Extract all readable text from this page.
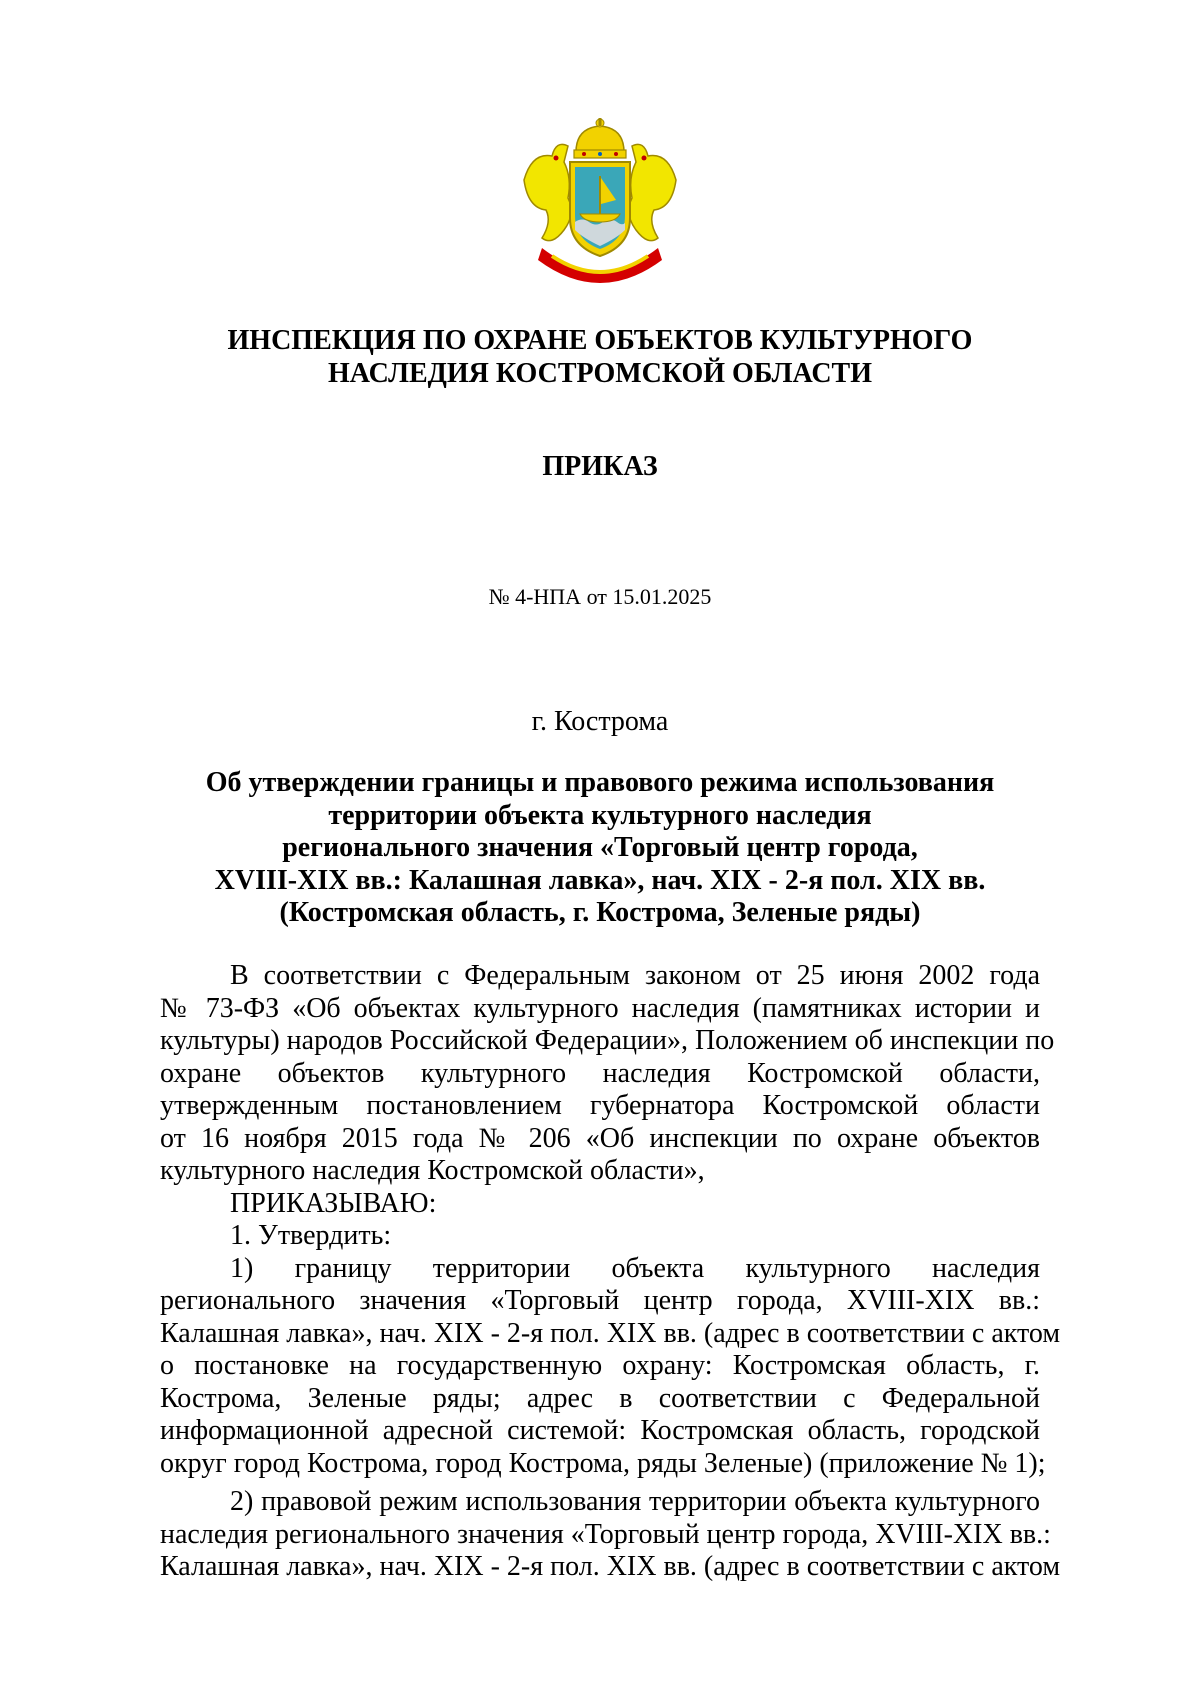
ИНСПЕКЦИЯ ПО ОХРАНЕ ОБЪЕКТОВ КУЛЬТУРНОГО
НАСЛЕДИЯ КОСТРОМСКОЙ ОБЛАСТИ
ПРИКАЗ
№ 4-НПА от 15.01.2025
г. Кострома
Об утверждении границы и правового режима использования
территории объекта культурного наследия
регионального значения «Торговый центр города,
XVIII-XIX вв.: Калашная лавка», нач. XIX - 2-я пол. XIX вв.
(Костромская область, г. Кострома, Зеленые ряды)
В соответствии с Федеральным законом от 25 июня 2002 года
№ 73-ФЗ «Об объектах культурного наследия (памятниках истории и
культуры) народов Российской Федерации», Положением об инспекции по
охране объектов культурного наследия Костромской области,
утвержденным постановлением губернатора Костромской области
от 16 ноября 2015 года № 206 «Об инспекции по охране объектов
культурного наследия Костромской области»,
ПРИКАЗЫВАЮ:
1. Утвердить:
1) границу территории объекта культурного наследия
регионального значения «Торговый центр города, XVIII-XIX вв.:
Калашная лавка», нач. XIX - 2-я пол. XIX вв. (адрес в соответствии с актом
о постановке на государственную охрану: Костромская область, г.
Кострома, Зеленые ряды; адрес в соответствии с Федеральной
информационной адресной системой: Костромская область, городской
округ город Кострома, город Кострома, ряды Зеленые) (приложение № 1);
2) правовой режим использования территории объекта культурного
наследия регионального значения «Торговый центр города, XVIII-XIX вв.:
Калашная лавка», нач. XIX - 2-я пол. XIX вв. (адрес в соответствии с актом
